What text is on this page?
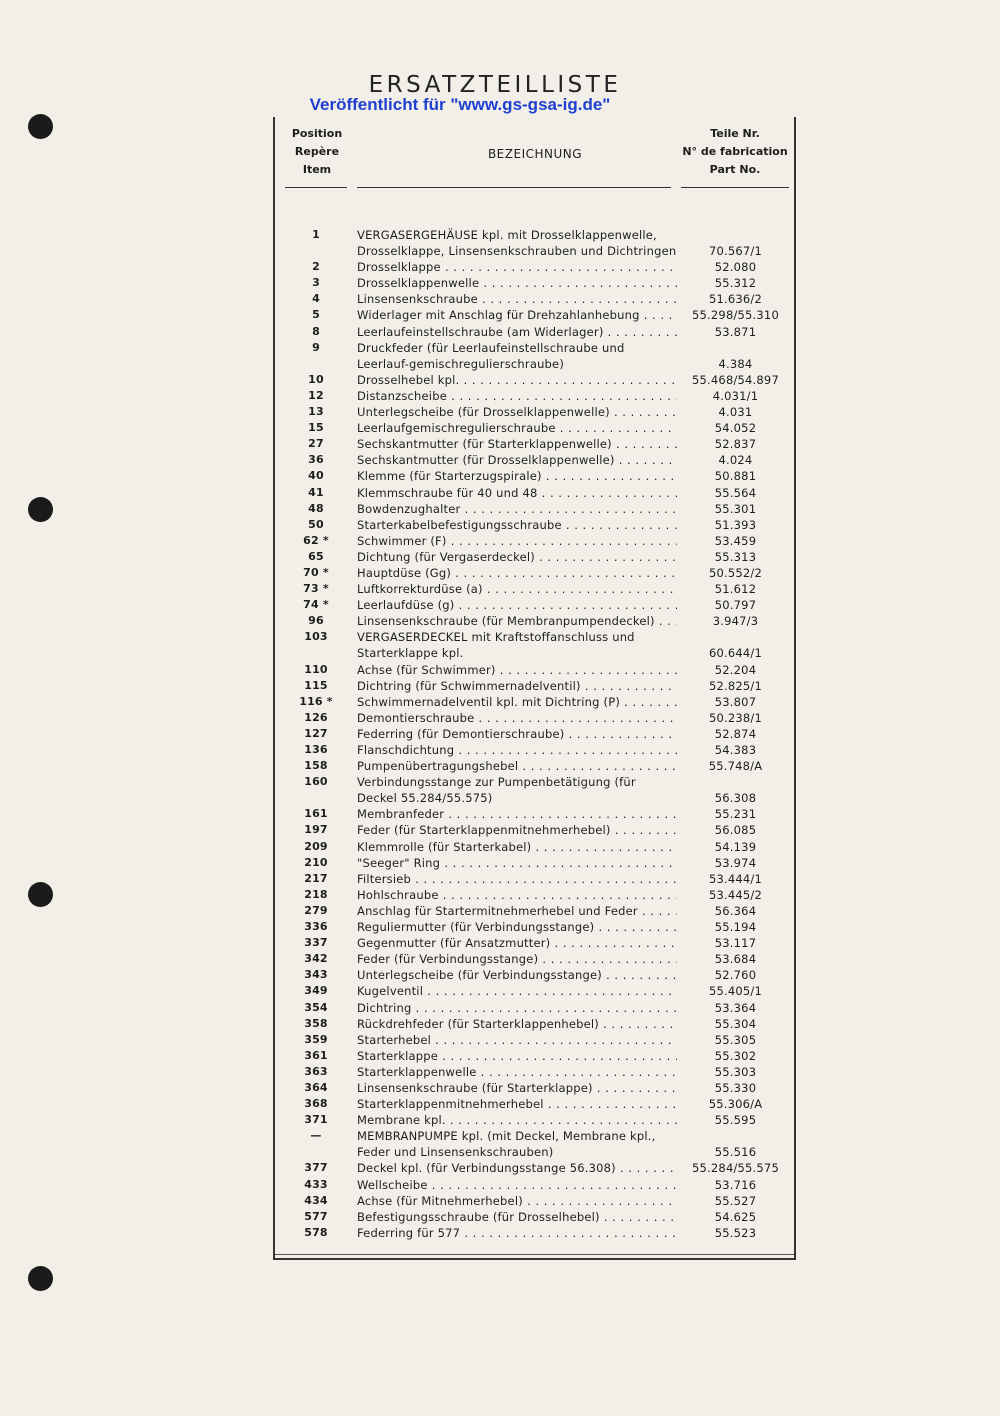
ERSATZTEILLISTE
Veröffentlicht für "www.gs-gsa-ig.de"
Position
Repère
Item
BEZEICHNUNG
Teile Nr.
N° de fabrication
Part No.
1	VERGASERGEHÄUSE kpl. mit Drosselklappenwelle, Drosselklappe, Linsensenkschrauben und Dichtringen	70.567/1
2	Drosselklappe . . .	52.080
3	Drosselklappenwelle . . .	55.312
4	Linsensenkschraube . . .	51.636/2
5	Widerlager mit Anschlag für Drehzahlanhebung . . .	55.298/55.310
8	Leerlaufeinstellschraube (am Widerlager) . . .	53.871
9	Druckfeder (für Leerlaufeinstellschraube und Leerlauf-gemischregulierschraube)	4.384
10	Drosselhebel kpl. . . .	55.468/54.897
12	Distanzscheibe . . .	4.031/1
13	Unterlegscheibe (für Drosselklappenwelle) . . .	4.031
15	Leerlaufgemischregulierschraube . . .	54.052
27	Sechskantmutter (für Starterklappenwelle) . . .	52.837
36	Sechskantmutter (für Drosselklappenwelle) . . .	4.024
40	Klemme (für Starterzugspirale) . . .	50.881
41	Klemmschraube für 40 und 48 . . .	55.564
48	Bowdenzughalter . . .	55.301
50	Starterkabelbefestigungsschraube . . .	51.393
62 *	Schwimmer (F) . . .	53.459
65	Dichtung (für Vergaserdeckel) . . .	55.313
70 *	Hauptdüse (Gg) . . .	50.552/2
73 *	Luftkorrekturdüse (a) . . .	51.612
74 *	Leerlaufdüse (g) . . .	50.797
96	Linsensenkschraube (für Membranpumpendeckel) . . .	3.947/3
103	VERGASERDECKEL mit Kraftstoffanschluss und Starterklappe kpl.	60.644/1
110	Achse (für Schwimmer) . . .	52.204
115	Dichtring (für Schwimmernadelventil) . . .	52.825/1
116 *	Schwimmernadelventil kpl. mit Dichtring (P) . . .	53.807
126	Demontierschraube . . .	50.238/1
127	Federring (für Demontierschraube) . . .	52.874
136	Flanschdichtung . . .	54.383
158	Pumpenübertragungshebel . . .	55.748/A
160	Verbindungsstange zur Pumpenbetätigung (für Deckel 55.284/55.575)	56.308
161	Membranfeder . . .	55.231
197	Feder (für Starterklappenmitnehmerhebel) . . .	56.085
209	Klemmrolle (für Starterkabel) . . .	54.139
210	"Seeger" Ring . . .	53.974
217	Filtersieb . . .	53.444/1
218	Hohlschraube . . .	53.445/2
279	Anschlag für Startermitnehmerhebel und Feder . . .	56.364
336	Reguliermutter (für Verbindungsstange) . . .	55.194
337	Gegenmutter (für Ansatzmutter) . . .	53.117
342	Feder (für Verbindungsstange) . . .	53.684
343	Unterlegscheibe (für Verbindungsstange) . . .	52.760
349	Kugelventil . . .	55.405/1
354	Dichtring . . .	53.364
358	Rückdrehfeder (für Starterklappenhebel) . . .	55.304
359	Starterhebel . . .	55.305
361	Starterklappe . . .	55.302
363	Starterklappenwelle . . .	55.303
364	Linsensenkschraube (für Starterklappe) . . .	55.330
368	Starterklappenmitnehmerhebel . . .	55.306/A
371	Membrane kpl. . . .	55.595
—	MEMBRANPUMPE kpl. (mit Deckel, Membrane kpl., Feder und Linsensenkschrauben)	55.516
377	Deckel kpl. (für Verbindungsstange 56.308) . . .	55.284/55.575
433	Wellscheibe . . .	53.716
434	Achse (für Mitnehmerhebel) . . .	55.527
577	Befestigungsschraube (für Drosselhebel) . . .	54.625
578	Federring für 577 . . .	55.523
